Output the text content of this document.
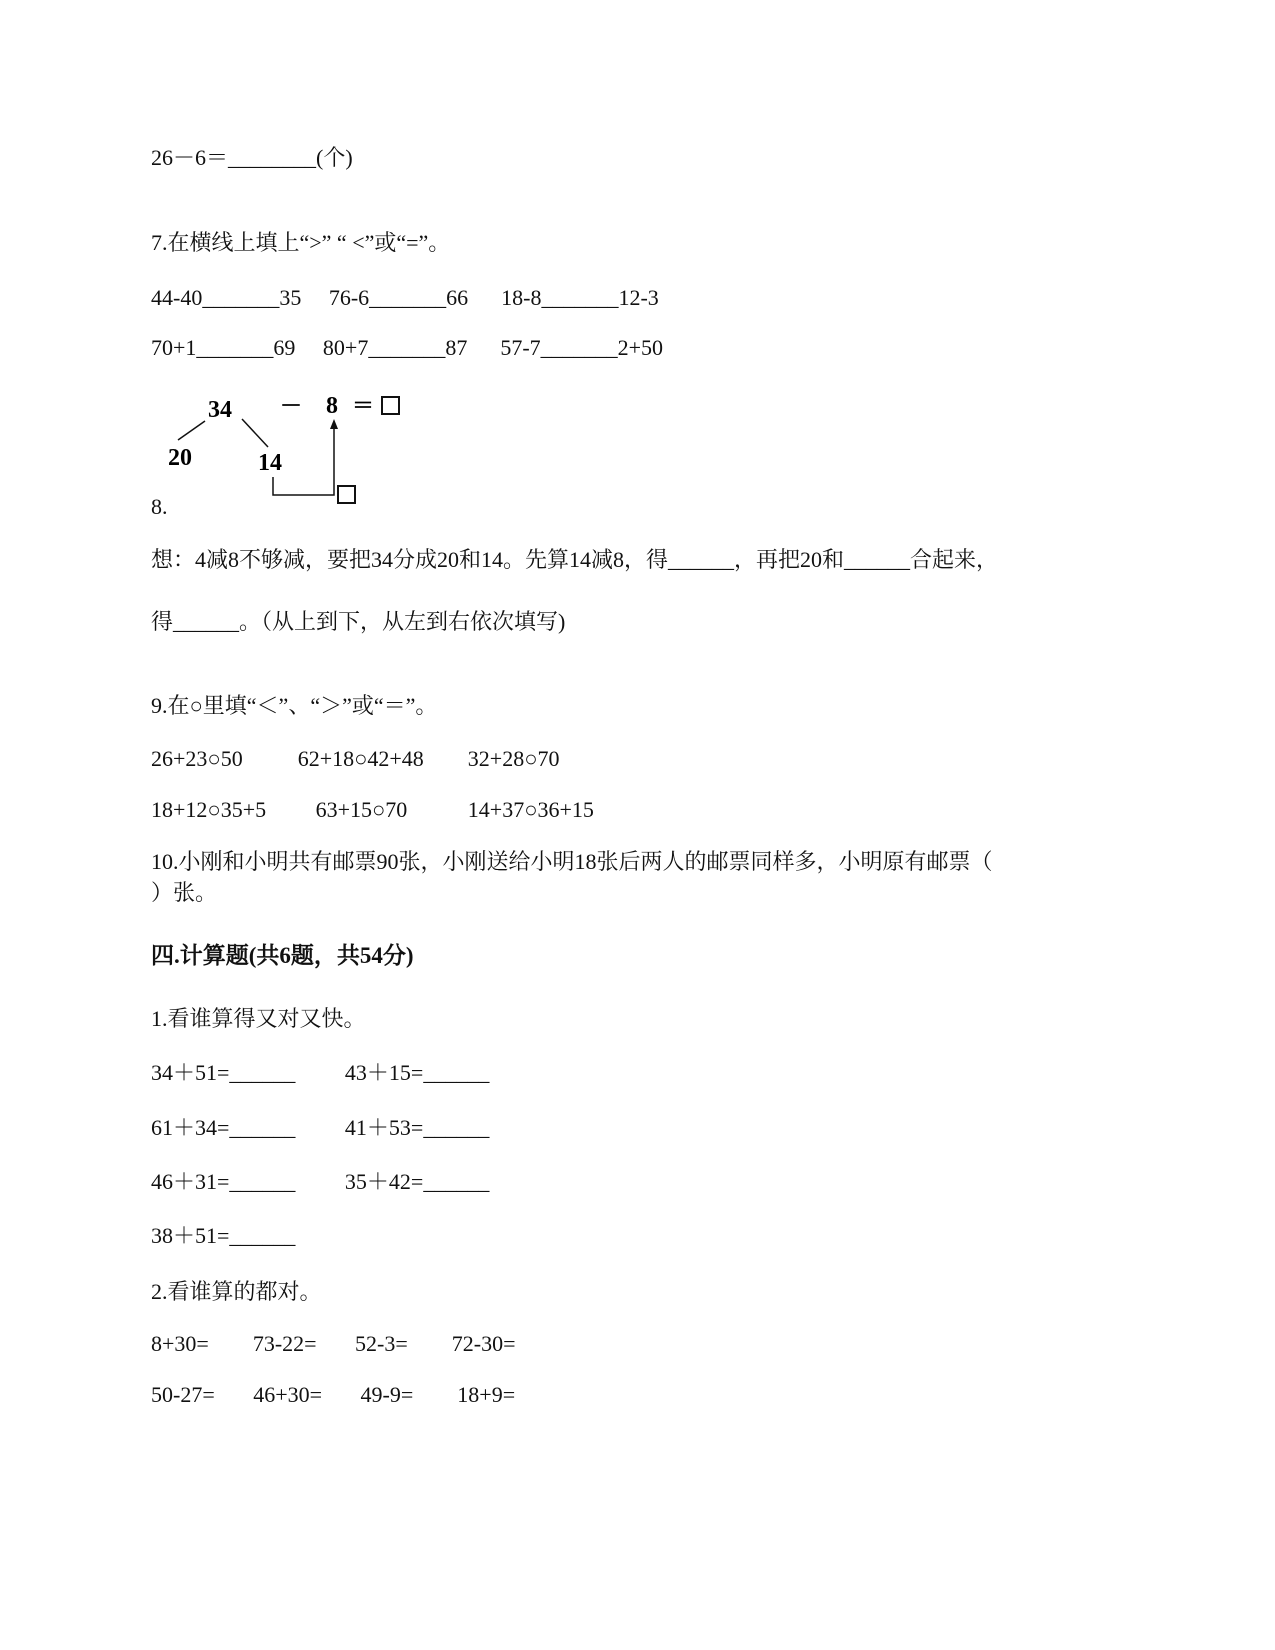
26－6＝________(个)
7.在横线上填上“>” “ <”或“=”。
44-40_______35     76-6_______66      18-8_______12-3
70+1_______69     80+7_______87      57-7_______2+50
34 － 8 ＝
20	14
8.
想：4减8不够减，要把34分成20和14。先算14减8，得______，再把20和______合起来，
得______。（从上到下，从左到右依次填写)
9.在○里填“＜”、“＞”或“＝”。
26+23○50          62+18○42+48        32+28○70
18+12○35+5         63+15○70           14+37○36+15
10.小刚和小明共有邮票90张，小刚送给小明18张后两人的邮票同样多，小明原有邮票（
）张。
四.计算题(共6题，共54分)
1.看谁算得又对又快。
34＋51=______         43＋15=______
61＋34=______         41＋53=______
46＋31=______         35＋42=______
38＋51=______
2.看谁算的都对。
8+30=        73-22=       52-3=        72-30=
50-27=       46+30=       49-9=        18+9=
